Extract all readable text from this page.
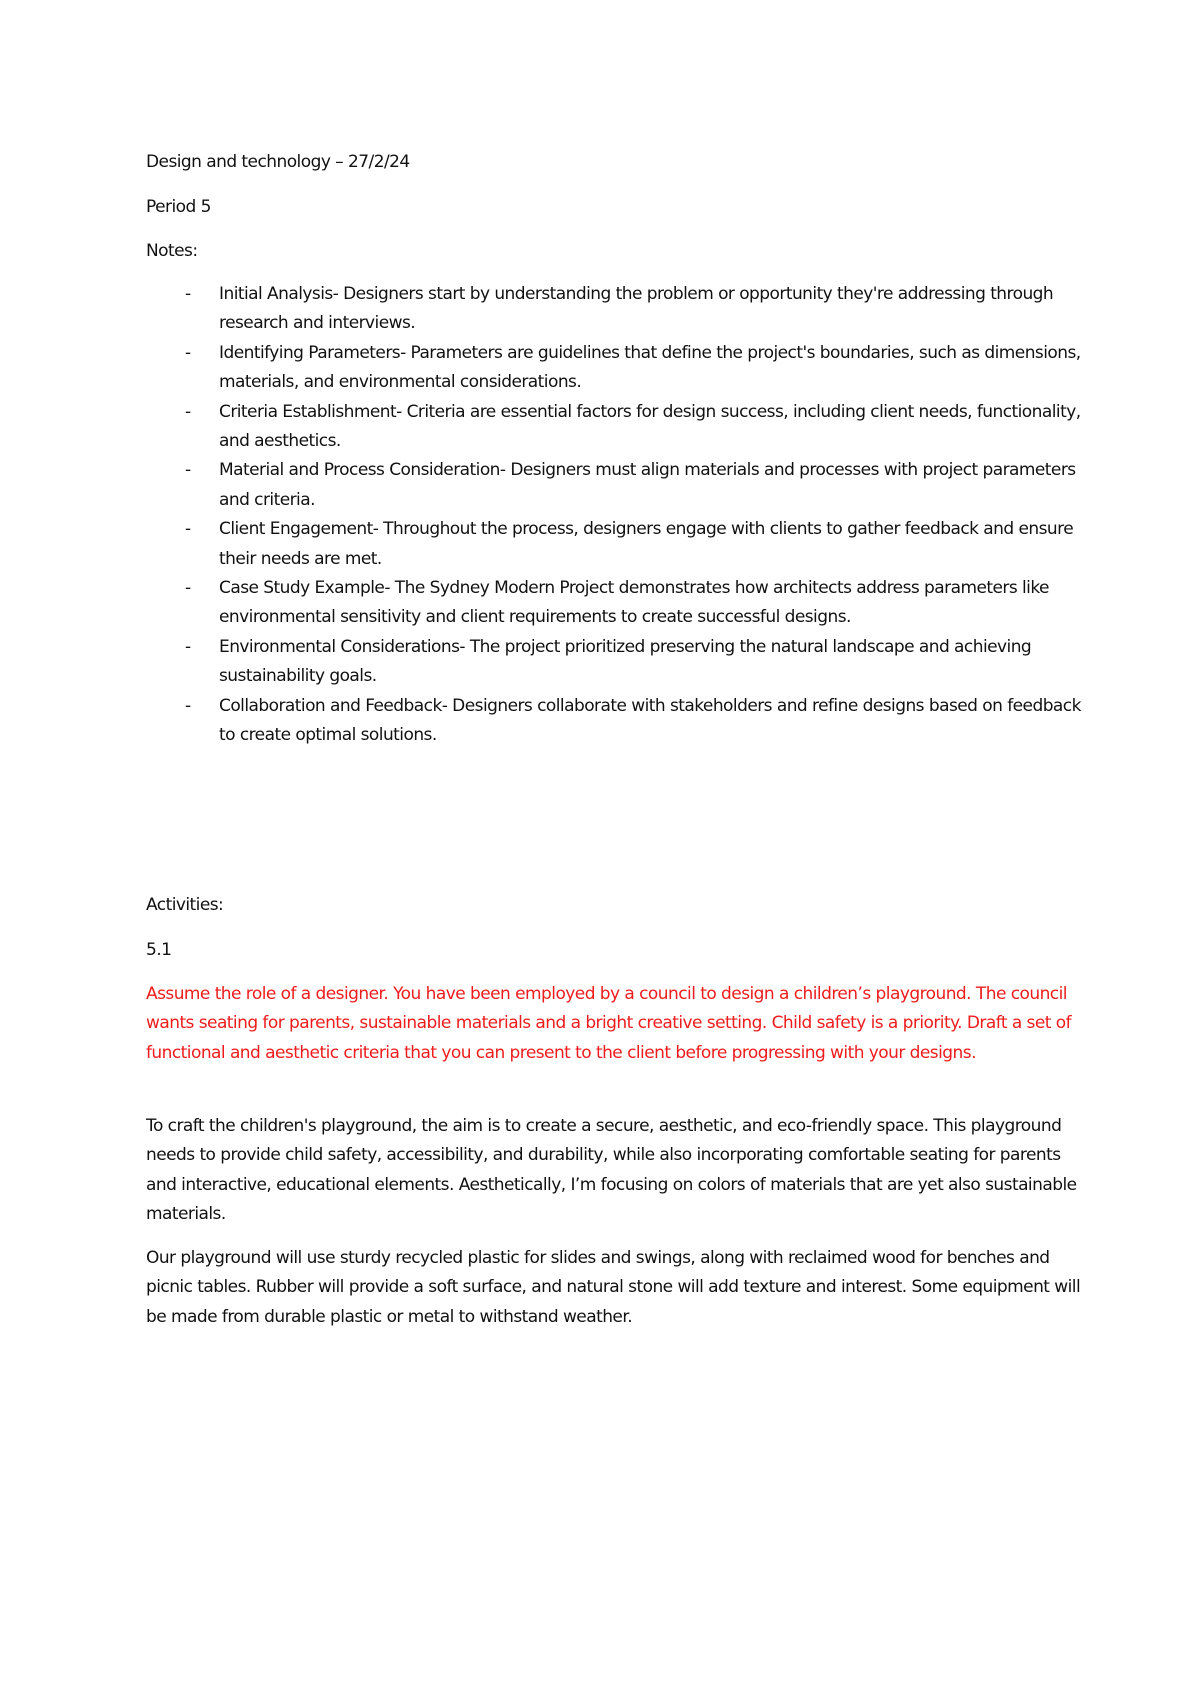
Design and technology – 27/2/24

Period 5

Notes:

- Initial Analysis- Designers start by understanding the problem or opportunity they're addressing through research and interviews.
- Identifying Parameters- Parameters are guidelines that define the project's boundaries, such as dimensions, materials, and environmental considerations.
- Criteria Establishment- Criteria are essential factors for design success, including client needs, functionality, and aesthetics.
- Material and Process Consideration- Designers must align materials and processes with project parameters and criteria.
- Client Engagement- Throughout the process, designers engage with clients to gather feedback and ensure their needs are met.
- Case Study Example- The Sydney Modern Project demonstrates how architects address parameters like environmental sensitivity and client requirements to create successful designs.
- Environmental Considerations- The project prioritized preserving the natural landscape and achieving sustainability goals.
- Collaboration and Feedback- Designers collaborate with stakeholders and refine designs based on feedback to create optimal solutions.

Activities:

5.1

Assume the role of a designer. You have been employed by a council to design a children’s playground. The council wants seating for parents, sustainable materials and a bright creative setting. Child safety is a priority. Draft a set of functional and aesthetic criteria that you can present to the client before progressing with your designs.

To craft the children's playground, the aim is to create a secure, aesthetic, and eco-friendly space. This playground needs to provide child safety, accessibility, and durability, while also incorporating comfortable seating for parents and interactive, educational elements. Aesthetically, I’m focusing on colors of materials that are yet also sustainable materials.

Our playground will use sturdy recycled plastic for slides and swings, along with reclaimed wood for benches and picnic tables. Rubber will provide a soft surface, and natural stone will add texture and interest. Some equipment will be made from durable plastic or metal to withstand weather.
